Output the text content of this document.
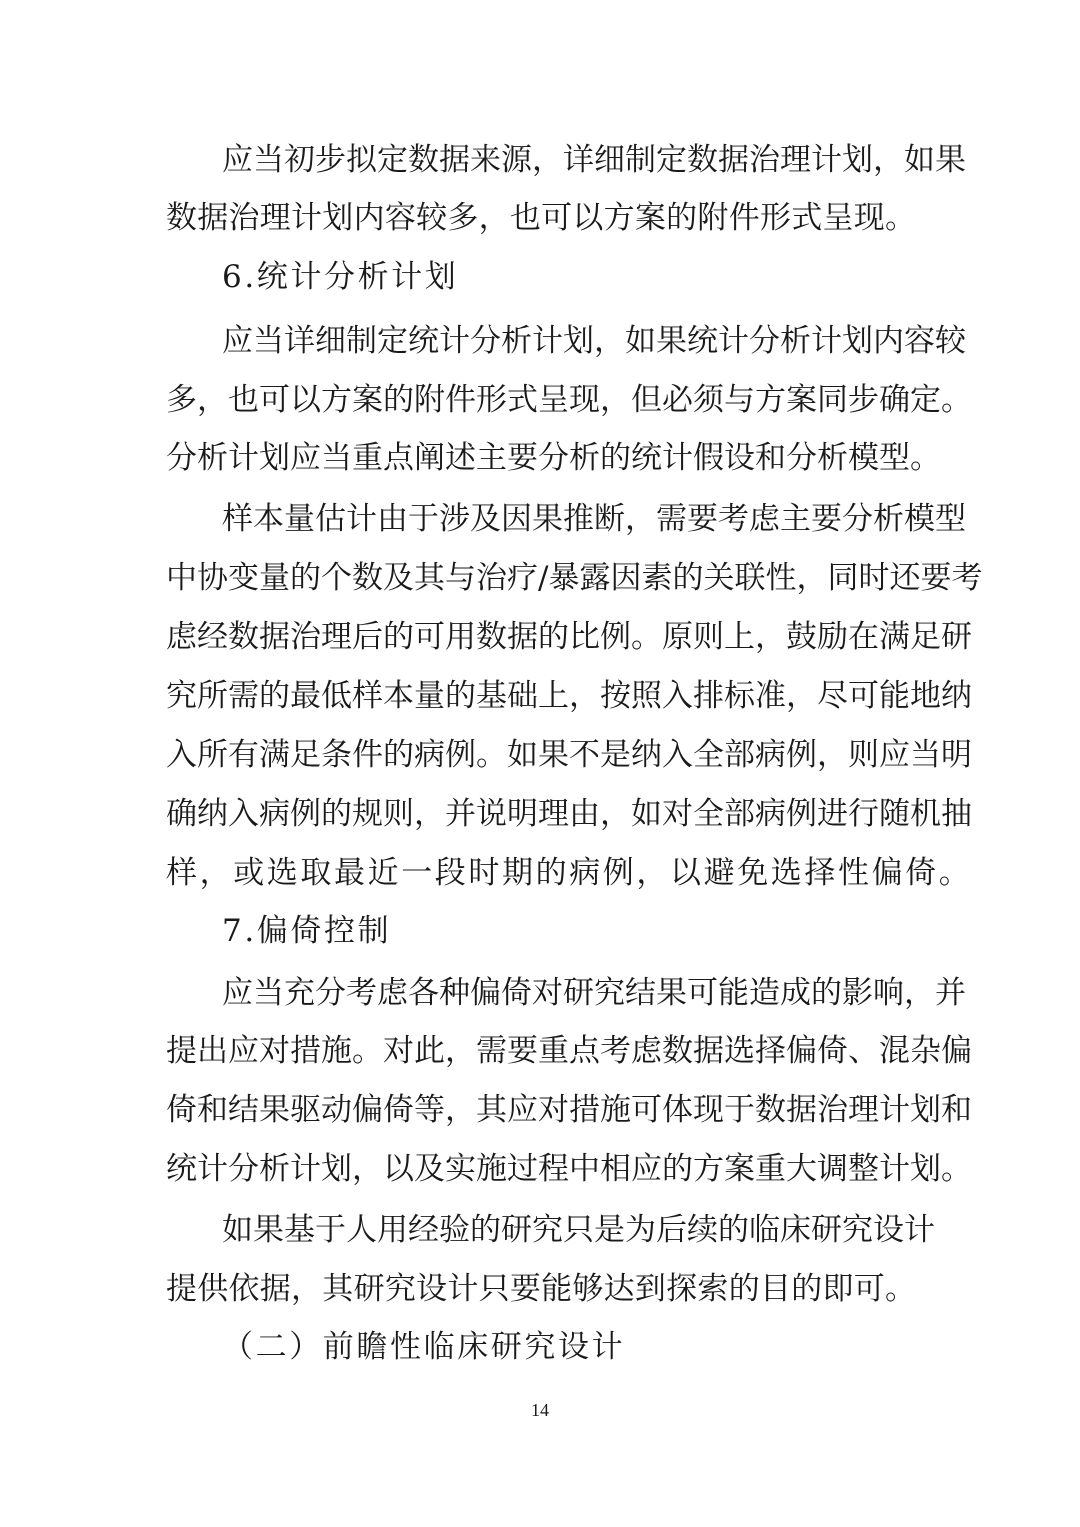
应当初步拟定数据来源，详细制定数据治理计划，如果
数据治理计划内容较多，也可以方案的附件形式呈现。
6.统计分析计划
应当详细制定统计分析计划，如果统计分析计划内容较
多，也可以方案的附件形式呈现，但必须与方案同步确定。
分析计划应当重点阐述主要分析的统计假设和分析模型。
样本量估计由于涉及因果推断，需要考虑主要分析模型
中协变量的个数及其与治疗/暴露因素的关联性，同时还要考
虑经数据治理后的可用数据的比例。原则上，鼓励在满足研
究所需的最低样本量的基础上，按照入排标准，尽可能地纳
入所有满足条件的病例。如果不是纳入全部病例，则应当明
确纳入病例的规则，并说明理由，如对全部病例进行随机抽
样，或选取最近一段时期的病例，以避免选择性偏倚。
7.偏倚控制
应当充分考虑各种偏倚对研究结果可能造成的影响，并
提出应对措施。对此，需要重点考虑数据选择偏倚、混杂偏
倚和结果驱动偏倚等，其应对措施可体现于数据治理计划和
统计分析计划，以及实施过程中相应的方案重大调整计划。
如果基于人用经验的研究只是为后续的临床研究设计
提供依据，其研究设计只要能够达到探索的目的即可。
（二）前瞻性临床研究设计
14
